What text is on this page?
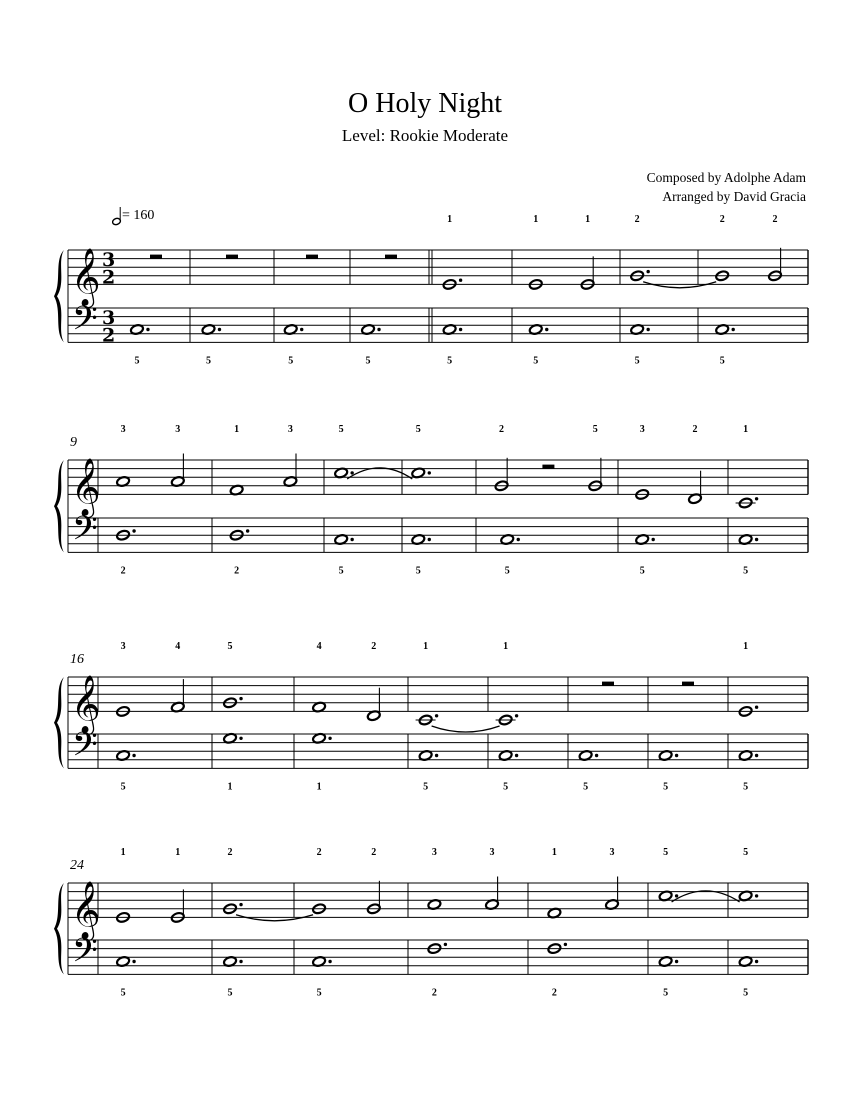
O Holy Night
Level: Rookie Moderate
Composed by Adolphe Adam
Arranged by David Gracia
= 160
𝄞
𝄢
3
2
3
2
5	5	5	5
1
5
1	1
5
2
5
2	2
5
𝄞
𝄢
9
3	3
2
1	3
2
5
5
5
5
2	5
5
3	2
5
1
5
𝄞
𝄢
16
3	4
5
5
1
4	2
1
1
5
1
5	5	5
1
5
𝄞
𝄢
24
1	1
5
2
5
2	2
5
3	3
2
1	3
2
5
5
5
5
